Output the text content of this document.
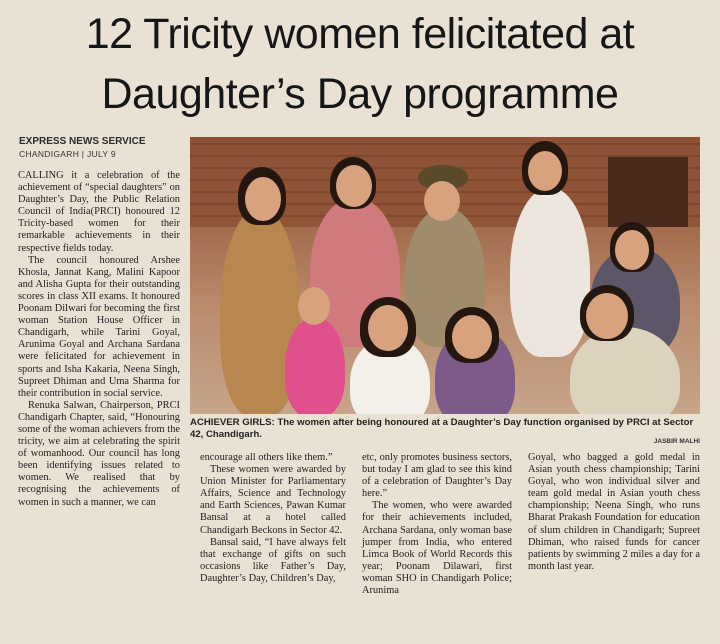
12 Tricity women felicitated at
Daughter’s Day programme
EXPRESS NEWS SERVICE
CHANDIGARH | JULY 9

CALLING it a celebration of the achievement of “special daughters” on Daughter’s Day, the Public Relation Council of India(PRCI) honoured 12 Tricity-based women for their remarkable achievements in their respective fields today.

The council honoured Arshee Khosla, Jannat Kang, Malini Kapoor and Alisha Gupta for their outstanding scores in class XII exams. It honoured Poonam Dilwari for becoming the first woman Station House Officer in Chandigarh, while Tarini Goyal, Arunima Goyal and Archana Sardana were felicitated for achievement in sports and Isha Kakaria, Neena Singh, Supreet Dhiman and Uma Sharma for their contribution in social service.

Renuka Salwan, Chairperson, PRCI Chandigarh Chapter, said, “Honouring some of the woman achievers from the tricity, we aim at celebrating the spirit of womanhood. Our council has long been identifying issues related to women. We realised that by recognising the achievements of women in such a manner, we can

ACHIEVER GIRLS: The women after being honoured at a Daughter’s Day function organised by PRCI at Sector 42, Chandigarh.
JASBIR MALHI

encourage all others like them.”

These women were awarded by Union Minister for Parliamentary Affairs, Science and Technology and Earth Sciences, Pawan Kumar Bansal at a hotel called Chandigarh Beckons in Sector 42.

Bansal said, “I have always felt that exchange of gifts on such occasions like Father’s Day, Daughter’s Day, Children’s Day,

etc, only promotes business sectors, but today I am glad to see this kind of a celebration of Daughter’s Day here.”

The women, who were awarded for their achievements included, Archana Sardana, only woman base jumper from India, who entered Limca Book of World Records this year; Poonam Dilawari, first woman SHO in Chandigarh Police; Arunima

Goyal, who bagged a gold medal in Asian youth chess championship; Tarini Goyal, who won individual silver and team gold medal in Asian youth chess championship; Neena Singh, who runs Bharat Prakash Foundation for education of slum children in Chandigarh; Supreet Dhiman, who raised funds for cancer patients by swimming 2 miles a day for a month last year.
